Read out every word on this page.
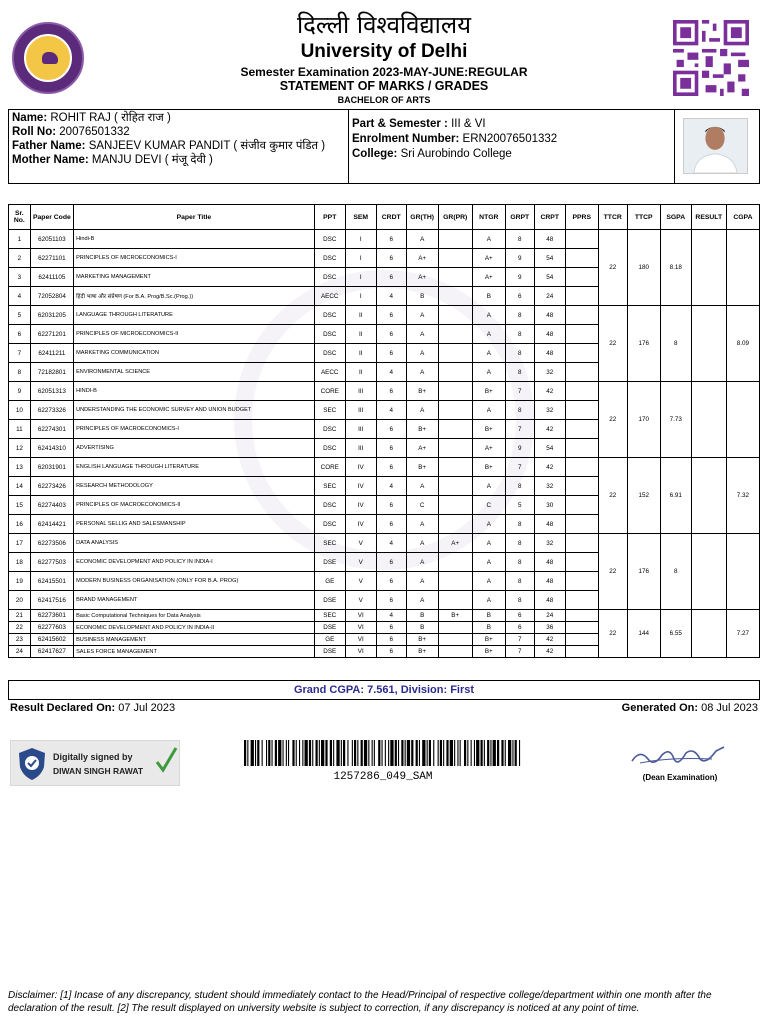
दिल्ली विश्वविद्यालय
University of Delhi
Semester Examination 2023-MAY-JUNE:REGULAR
STATEMENT OF MARKS / GRADES
BACHELOR OF ARTS
Name: ROHIT RAJ ( रोहित राज )
Roll No: 20076501332
Father Name: SANJEEV KUMAR PANDIT ( संजीव कुमार पंडित )
Mother Name: MANJU DEVI ( मंजू देवी )
Part & Semester : III & VI
Enrolment Number: ERN20076501332
College: Sri Aurobindo College
Sr. No.	Paper Code	Paper Title	PPT	SEM	CRDT	GR(TH)	GR(PR)	NTGR	GRPT	CRPT	PPRS	TTCR	TTCP	SGPA	RESULT	CGPA
1	62051103	Hindi-B	DSC	I	6	A		A	8	48		22	180	8.18		
2	62271101	PRINCIPLES OF MICROECONOMICS-I	DSC	I	6	A+		A+	9	54						
3	62411105	MARKETING MANAGEMENT	DSC	I	6	A+		A+	9	54						
4	72052804	हिंदी भाषा और संप्रेषण (For B.A. Prog/B.Sc.(Prog.))	AECC	I	4	B		B	6	24						
5	62031205	LANGUAGE THROUGH LITERATURE	DSC	II	6	A		A	8	48		22	176	8		8.09
6	62271201	PRINCIPLES OF MICROECONOMICS-II	DSC	II	6	A		A	8	48						
7	62411211	MARKETING COMMUNICATION	DSC	II	6	A		A	8	48						
8	72182801	ENVIRONMENTAL SCIENCE	AECC	II	4	A		A	8	32						
9	62051313	HINDI-B	CORE	III	6	B+		B+	7	42		22	170	7.73		
10	62273326	UNDERSTANDING THE ECONOMIC SURVEY AND UNION BUDGET	SEC	III	4	A		A	8	32						
11	62274301	PRINCIPLES OF MACROECONOMICS-I	DSC	III	6	B+		B+	7	42						
12	62414310	ADVERTISING	DSC	III	6	A+		A+	9	54						
13	62031901	ENGLISH LANGUAGE THROUGH LITERATURE	CORE	IV	6	B+		B+	7	42		22	152	6.91		7.32
14	62273426	RESEARCH METHODOLOGY	SEC	IV	4	A		A	8	32						
15	62274403	PRINCIPLES OF MACROECONOMICS-II	DSC	IV	6	C		C	5	30						
16	62414421	PERSONAL SELLIG AND SALESMANSHIP	DSC	IV	6	A		A	8	48						
17	62273506	DATA ANALYSIS	SEC	V	4	A	A+	A	8	32		22	176	8		
18	62277503	ECONOMIC DEVELOPMENT AND POLICY IN INDIA-I	DSE	V	6	A		A	8	48						
19	62415501	MODERN BUSINESS ORGANISATION (ONLY FOR B.A. PROG)	GE	V	6	A		A	8	48						
20	62417516	BRAND MANAGEMENT	DSE	V	6	A		A	8	48						
21	62273601	Basic Computational Techniques for Data Analysis	SEC	VI	4	B	B+	B	6	24		22	144	6.55		7.27
22	62277603	ECONOMIC DEVELOPMENT AND POLICY IN INDIA-II	DSE	VI	6	B		B	6	36						
23	62415602	BUSINESS MANAGEMENT	GE	VI	6	B+		B+	7	42						
24	62417627	SALES FORCE MANAGEMENT	DSE	VI	6	B+		B+	7	42						
Grand CGPA: 7.561, Division: First
Result Declared On: 07 Jul 2023	Generated On: 08 Jul 2023
Digitally signed by
DIWAN SINGH RAWAT	1257286_049_SAM	(Dean Examination)
Disclaimer: [1] Incase of any discrepancy, student should immediately contact to the Head/Principal of respective college/department within one month after the declaration of the result. [2] The result displayed on university website is subject to correction, if any discrepancy is noticed at any point of time.
